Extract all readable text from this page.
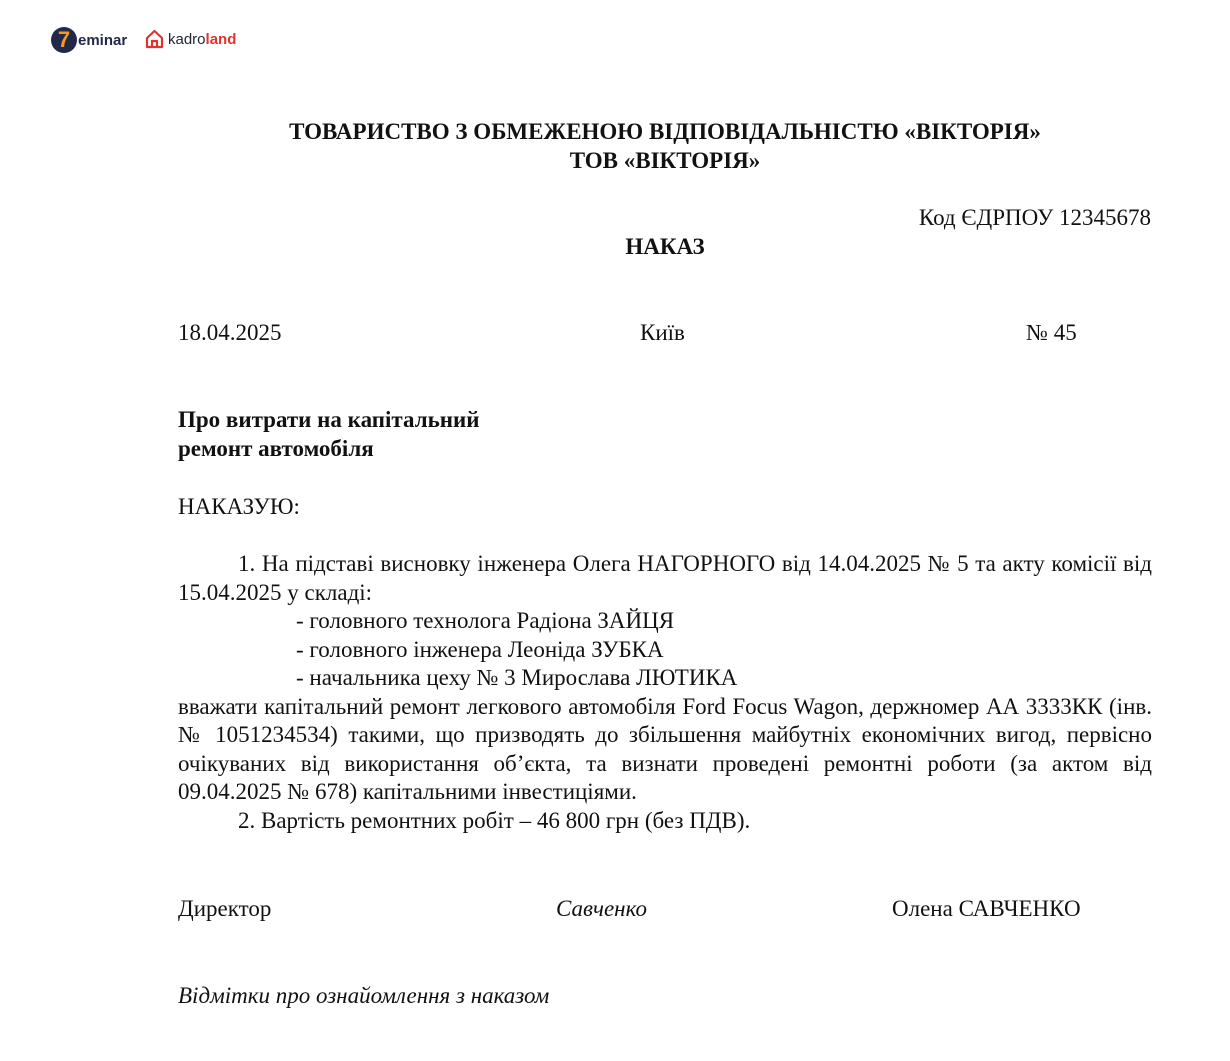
7 eminar	kadro land
ТОВАРИСТВО З ОБМЕЖЕНОЮ ВІДПОВІДАЛЬНІСТЮ «ВІКТОРІЯ»
ТОВ «ВІКТОРІЯ»
Код ЄДРПОУ 12345678
НАКАЗ
18.04.2025	Київ	№ 45
Про витрати на капітальний
ремонт автомобіля
НАКАЗУЮ:

1. На підставі висновку інженера Олега НАГОРНОГО від 14.04.2025 № 5 та акту комісії від 15.04.2025 у складі:

- головного технолога Радіона ЗАЙЦЯ

- головного інженера Леоніда ЗУБКА

- начальника цеху № 3 Мирослава ЛЮТИКА

вважати капітальний ремонт легкового автомобіля Ford Focus Wagon, держномер АА 3333КК (інв. № 1051234534) такими, що призводять до збільшення майбутніх економічних вигод, первісно очікуваних від використання об’єкта, та визнати проведені ремонтні роботи (за актом від 09.04.2025 № 678) капітальними інвестиціями.

2. Вартість ремонтних робіт – 46 800 грн (без ПДВ).

Директор	Савченко	Олена САВЧЕНКО
Відмітки про ознайомлення з наказом
